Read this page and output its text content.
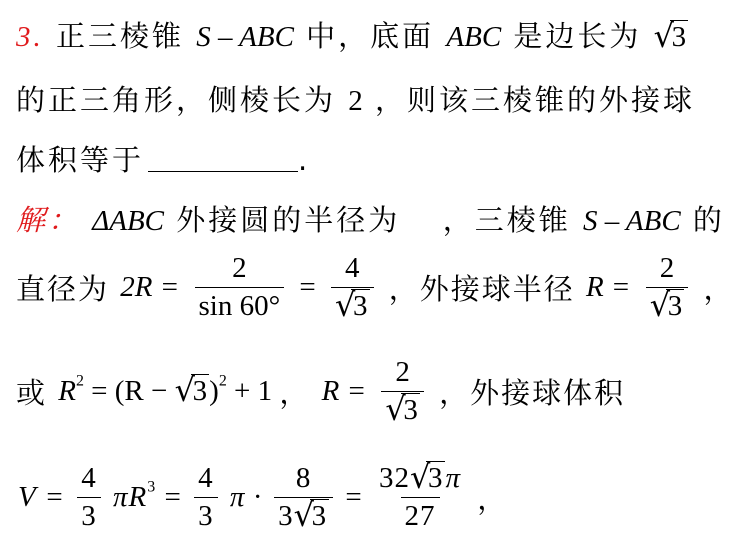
3. 正三棱锥 S – ABC 中，底面 ABC 是边长为 √ 3
的正三角形，侧棱长为 2 ，则该三棱锥的外接球
体积等于	.
解： ΔABC 外接圆的半径为 ，三棱锥 S – ABC 的
直径为 $2R = \frac{2}{\sin 60^\circ} = 4$
√ 3 ，外接球半径 R = 2
√ 3 ，
或 $R^2 = (R$ − √ 3)$^2$ + 1 ， R = 2
√ 3 ，外接球体积
$V = \frac{4}{3} \pi R^3 = \frac{4}{3}$ $\pi \cdot \frac{8}{3 √ 3} = \frac{32 √ 3\pi}{27}$ ，
